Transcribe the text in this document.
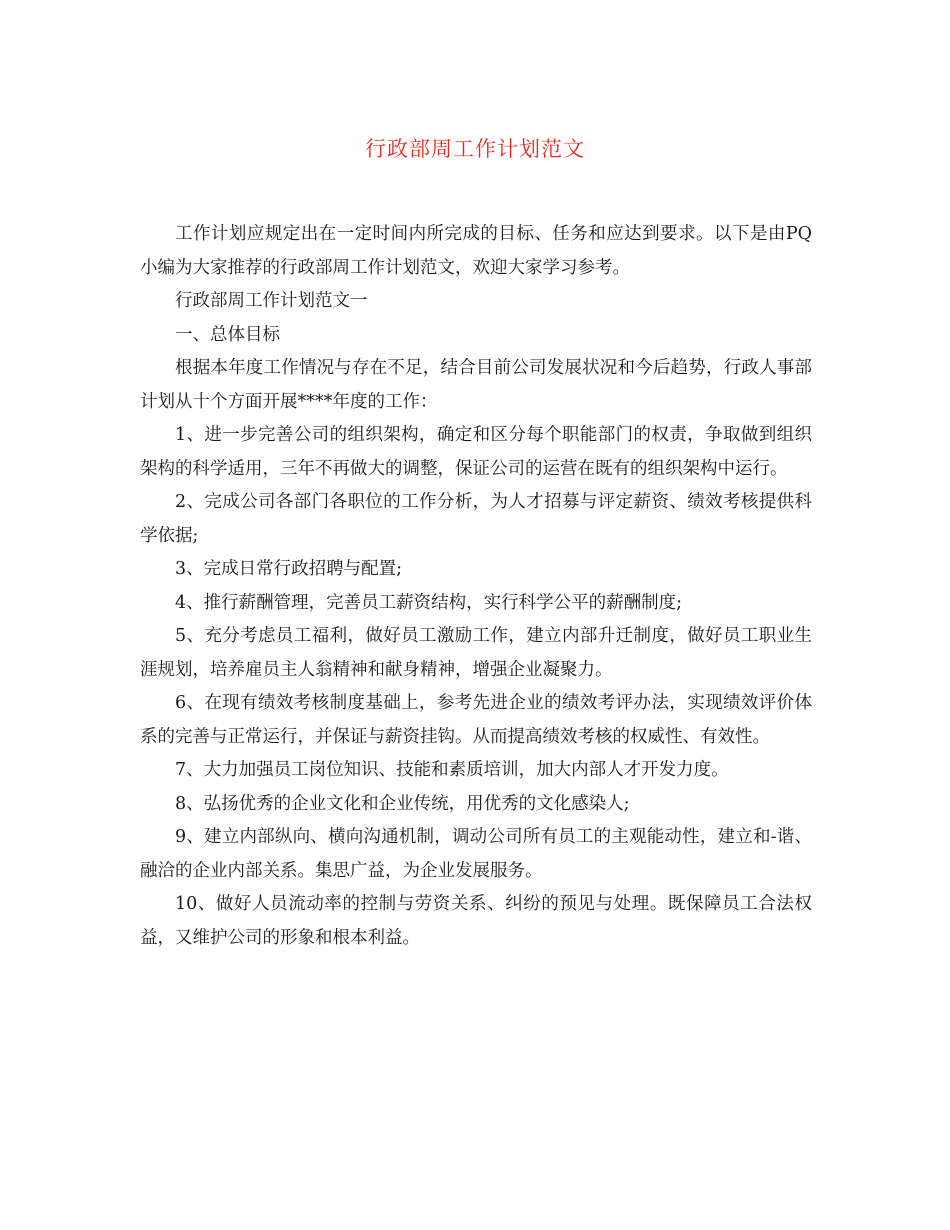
行政部周工作计划范文

工作计划应规定出在一定时间内所完成的目标、任务和应达到要求。以下是由PQ小编为大家推荐的行政部周工作计划范文，欢迎大家学习参考。

行政部周工作计划范文一

一、总体目标

根据本年度工作情况与存在不足，结合目前公司发展状况和今后趋势，行政人事部计划从十个方面开展****年度的工作：

1、进一步完善公司的组织架构，确定和区分每个职能部门的权责，争取做到组织架构的科学适用，三年不再做大的调整，保证公司的运营在既有的组织架构中运行。

2、完成公司各部门各职位的工作分析，为人才招募与评定薪资、绩效考核提供科学依据;

3、完成日常行政招聘与配置;

4、推行薪酬管理，完善员工薪资结构，实行科学公平的薪酬制度;

5、充分考虑员工福利，做好员工激励工作，建立内部升迁制度，做好员工职业生涯规划，培养雇员主人翁精神和献身精神，增强企业凝聚力。

6、在现有绩效考核制度基础上，参考先进企业的绩效考评办法，实现绩效评价体系的完善与正常运行，并保证与薪资挂钩。从而提高绩效考核的权威性、有效性。

7、大力加强员工岗位知识、技能和素质培训，加大内部人才开发力度。

8、弘扬优秀的企业文化和企业传统，用优秀的文化感染人;

9、建立内部纵向、横向沟通机制，调动公司所有员工的主观能动性，建立和-谐、融洽的企业内部关系。集思广益，为企业发展服务。

10、做好人员流动率的控制与劳资关系、纠纷的预见与处理。既保障员工合法权益，又维护公司的形象和根本利益。
